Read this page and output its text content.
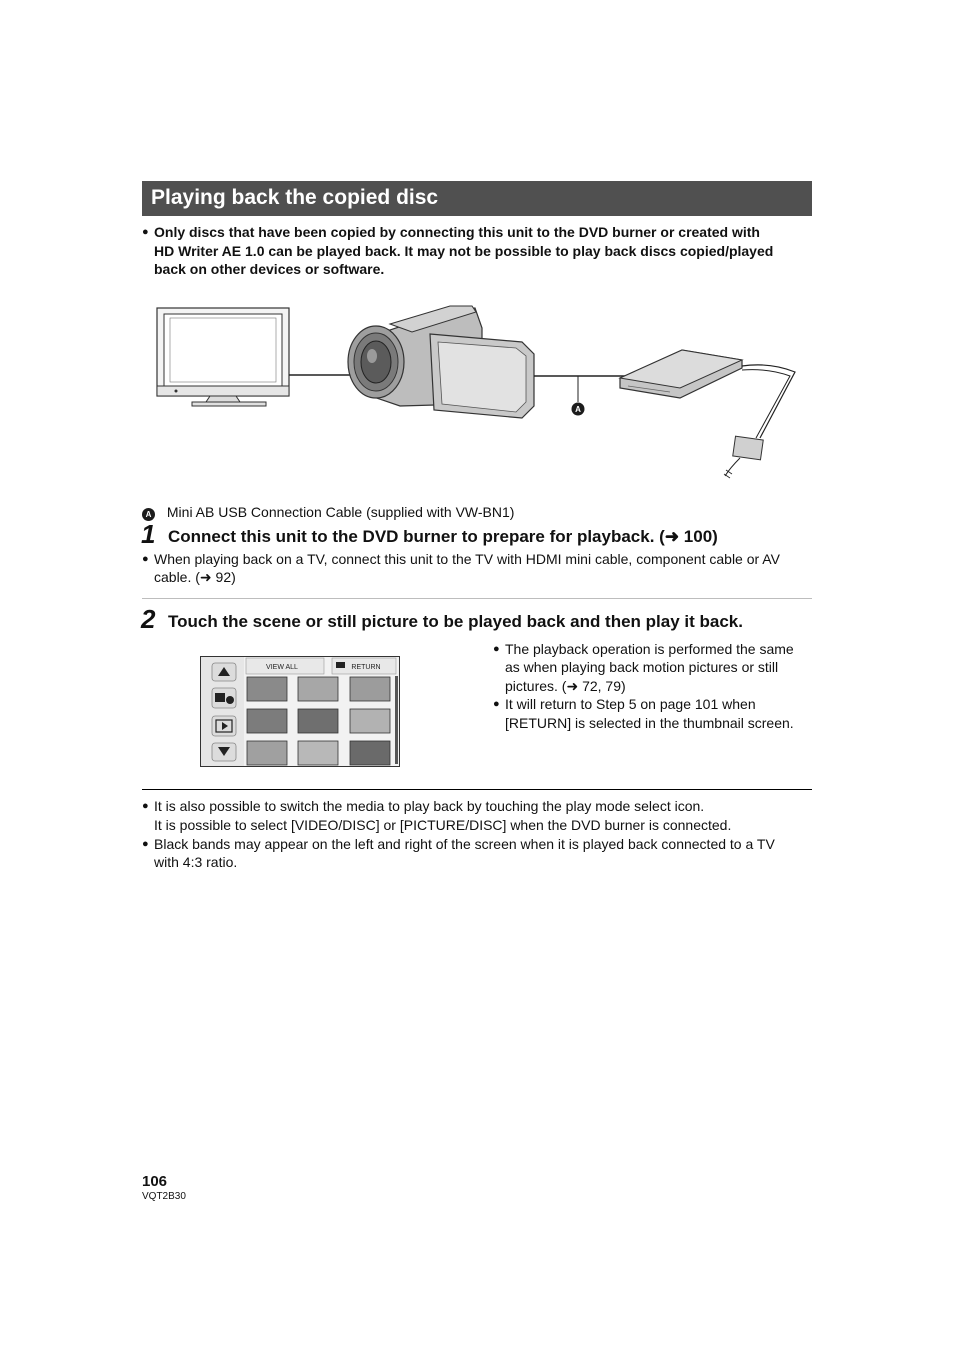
Playing back the copied disc
● Only discs that have been copied by connecting this unit to the DVD burner or created with
HD Writer AE 1.0 can be played back. It may not be possible to play back discs copied/played
back on other devices or software.
A
A Mini AB USB Connection Cable (supplied with VW-BN1)
1 Connect this unit to the DVD burner to prepare for playback. (➜ 100)
● When playing back on a TV, connect this unit to the TV with HDMI mini cable, component cable or AV
cable. (➜ 92)
2 Touch the scene or still picture to be played back and then play it back.
VIEW ALL	RETURN
● The playback operation is performed the same
as when playing back motion pictures or still
pictures. (➜ 72, 79)
● It will return to Step 5 on page 101 when
[RETURN] is selected in the thumbnail screen.
● It is also possible to switch the media to play back by touching the play mode select icon.
It is possible to select [VIDEO/DISC] or [PICTURE/DISC] when the DVD burner is connected.
● Black bands may appear on the left and right of the screen when it is played back connected to a TV
with 4:3 ratio.
106
VQT2B30
